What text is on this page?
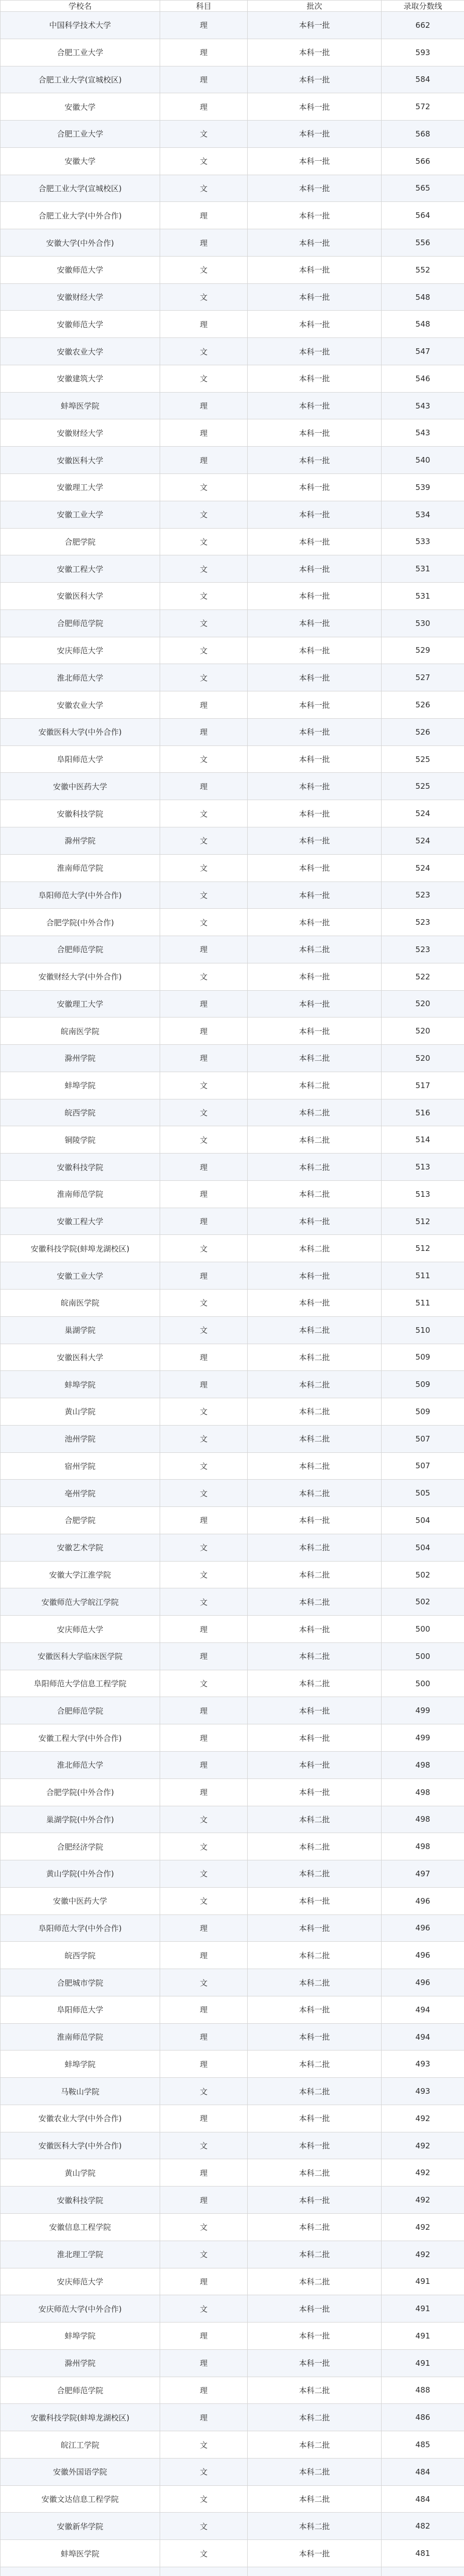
学校名	科目	批次	录取分数线
中国科学技术大学	理	本科一批	662
合肥工业大学	理	本科一批	593
合肥工业大学(宣城校区)	理	本科一批	584
安徽大学	理	本科一批	572
合肥工业大学	文	本科一批	568
安徽大学	文	本科一批	566
合肥工业大学(宣城校区)	文	本科一批	565
合肥工业大学(中外合作)	理	本科一批	564
安徽大学(中外合作)	理	本科一批	556
安徽师范大学	文	本科一批	552
安徽财经大学	文	本科一批	548
安徽师范大学	理	本科一批	548
安徽农业大学	文	本科一批	547
安徽建筑大学	文	本科一批	546
蚌埠医学院	理	本科一批	543
安徽财经大学	理	本科一批	543
安徽医科大学	理	本科一批	540
安徽理工大学	文	本科一批	539
安徽工业大学	文	本科一批	534
合肥学院	文	本科一批	533
安徽工程大学	文	本科一批	531
安徽医科大学	文	本科一批	531
合肥师范学院	文	本科一批	530
安庆师范大学	文	本科一批	529
淮北师范大学	文	本科一批	527
安徽农业大学	理	本科一批	526
安徽医科大学(中外合作)	理	本科一批	526
阜阳师范大学	文	本科一批	525
安徽中医药大学	理	本科一批	525
安徽科技学院	文	本科一批	524
滁州学院	文	本科一批	524
淮南师范学院	文	本科一批	524
阜阳师范大学(中外合作)	文	本科一批	523
合肥学院(中外合作)	文	本科一批	523
合肥师范学院	理	本科二批	523
安徽财经大学(中外合作)	文	本科一批	522
安徽理工大学	理	本科一批	520
皖南医学院	理	本科一批	520
滁州学院	理	本科二批	520
蚌埠学院	文	本科二批	517
皖西学院	文	本科二批	516
铜陵学院	文	本科二批	514
安徽科技学院	理	本科二批	513
淮南师范学院	理	本科二批	513
安徽工程大学	理	本科一批	512
安徽科技学院(蚌埠龙湖校区)	文	本科二批	512
安徽工业大学	理	本科一批	511
皖南医学院	文	本科一批	511
巢湖学院	文	本科二批	510
安徽医科大学	理	本科二批	509
蚌埠学院	理	本科二批	509
黄山学院	文	本科二批	509
池州学院	文	本科二批	507
宿州学院	文	本科二批	507
亳州学院	文	本科二批	505
合肥学院	理	本科一批	504
安徽艺术学院	文	本科二批	504
安徽大学江淮学院	文	本科二批	502
安徽师范大学皖江学院	文	本科二批	502
安庆师范大学	理	本科一批	500
安徽医科大学临床医学院	理	本科二批	500
阜阳师范大学信息工程学院	文	本科二批	500
合肥师范学院	理	本科一批	499
安徽工程大学(中外合作)	理	本科一批	499
淮北师范大学	理	本科一批	498
合肥学院(中外合作)	理	本科一批	498
巢湖学院(中外合作)	文	本科二批	498
合肥经济学院	文	本科二批	498
黄山学院(中外合作)	文	本科二批	497
安徽中医药大学	文	本科一批	496
阜阳师范大学(中外合作)	理	本科一批	496
皖西学院	理	本科二批	496
合肥城市学院	文	本科二批	496
阜阳师范大学	理	本科一批	494
淮南师范学院	理	本科一批	494
蚌埠学院	理	本科二批	493
马鞍山学院	文	本科二批	493
安徽农业大学(中外合作)	理	本科一批	492
安徽医科大学(中外合作)	文	本科一批	492
黄山学院	理	本科二批	492
安徽科技学院	理	本科一批	492
安徽信息工程学院	文	本科二批	492
淮北理工学院	文	本科二批	492
安庆师范大学	理	本科二批	491
安庆师范大学(中外合作)	文	本科一批	491
蚌埠学院	理	本科一批	491
滁州学院	理	本科一批	491
合肥师范学院	理	本科二批	488
安徽科技学院(蚌埠龙湖校区)	理	本科二批	486
皖江工学院	文	本科二批	485
安徽外国语学院	文	本科二批	484
安徽文达信息工程学院	文	本科二批	484
安徽新华学院	文	本科二批	482
蚌埠医学院	文	本科一批	481
